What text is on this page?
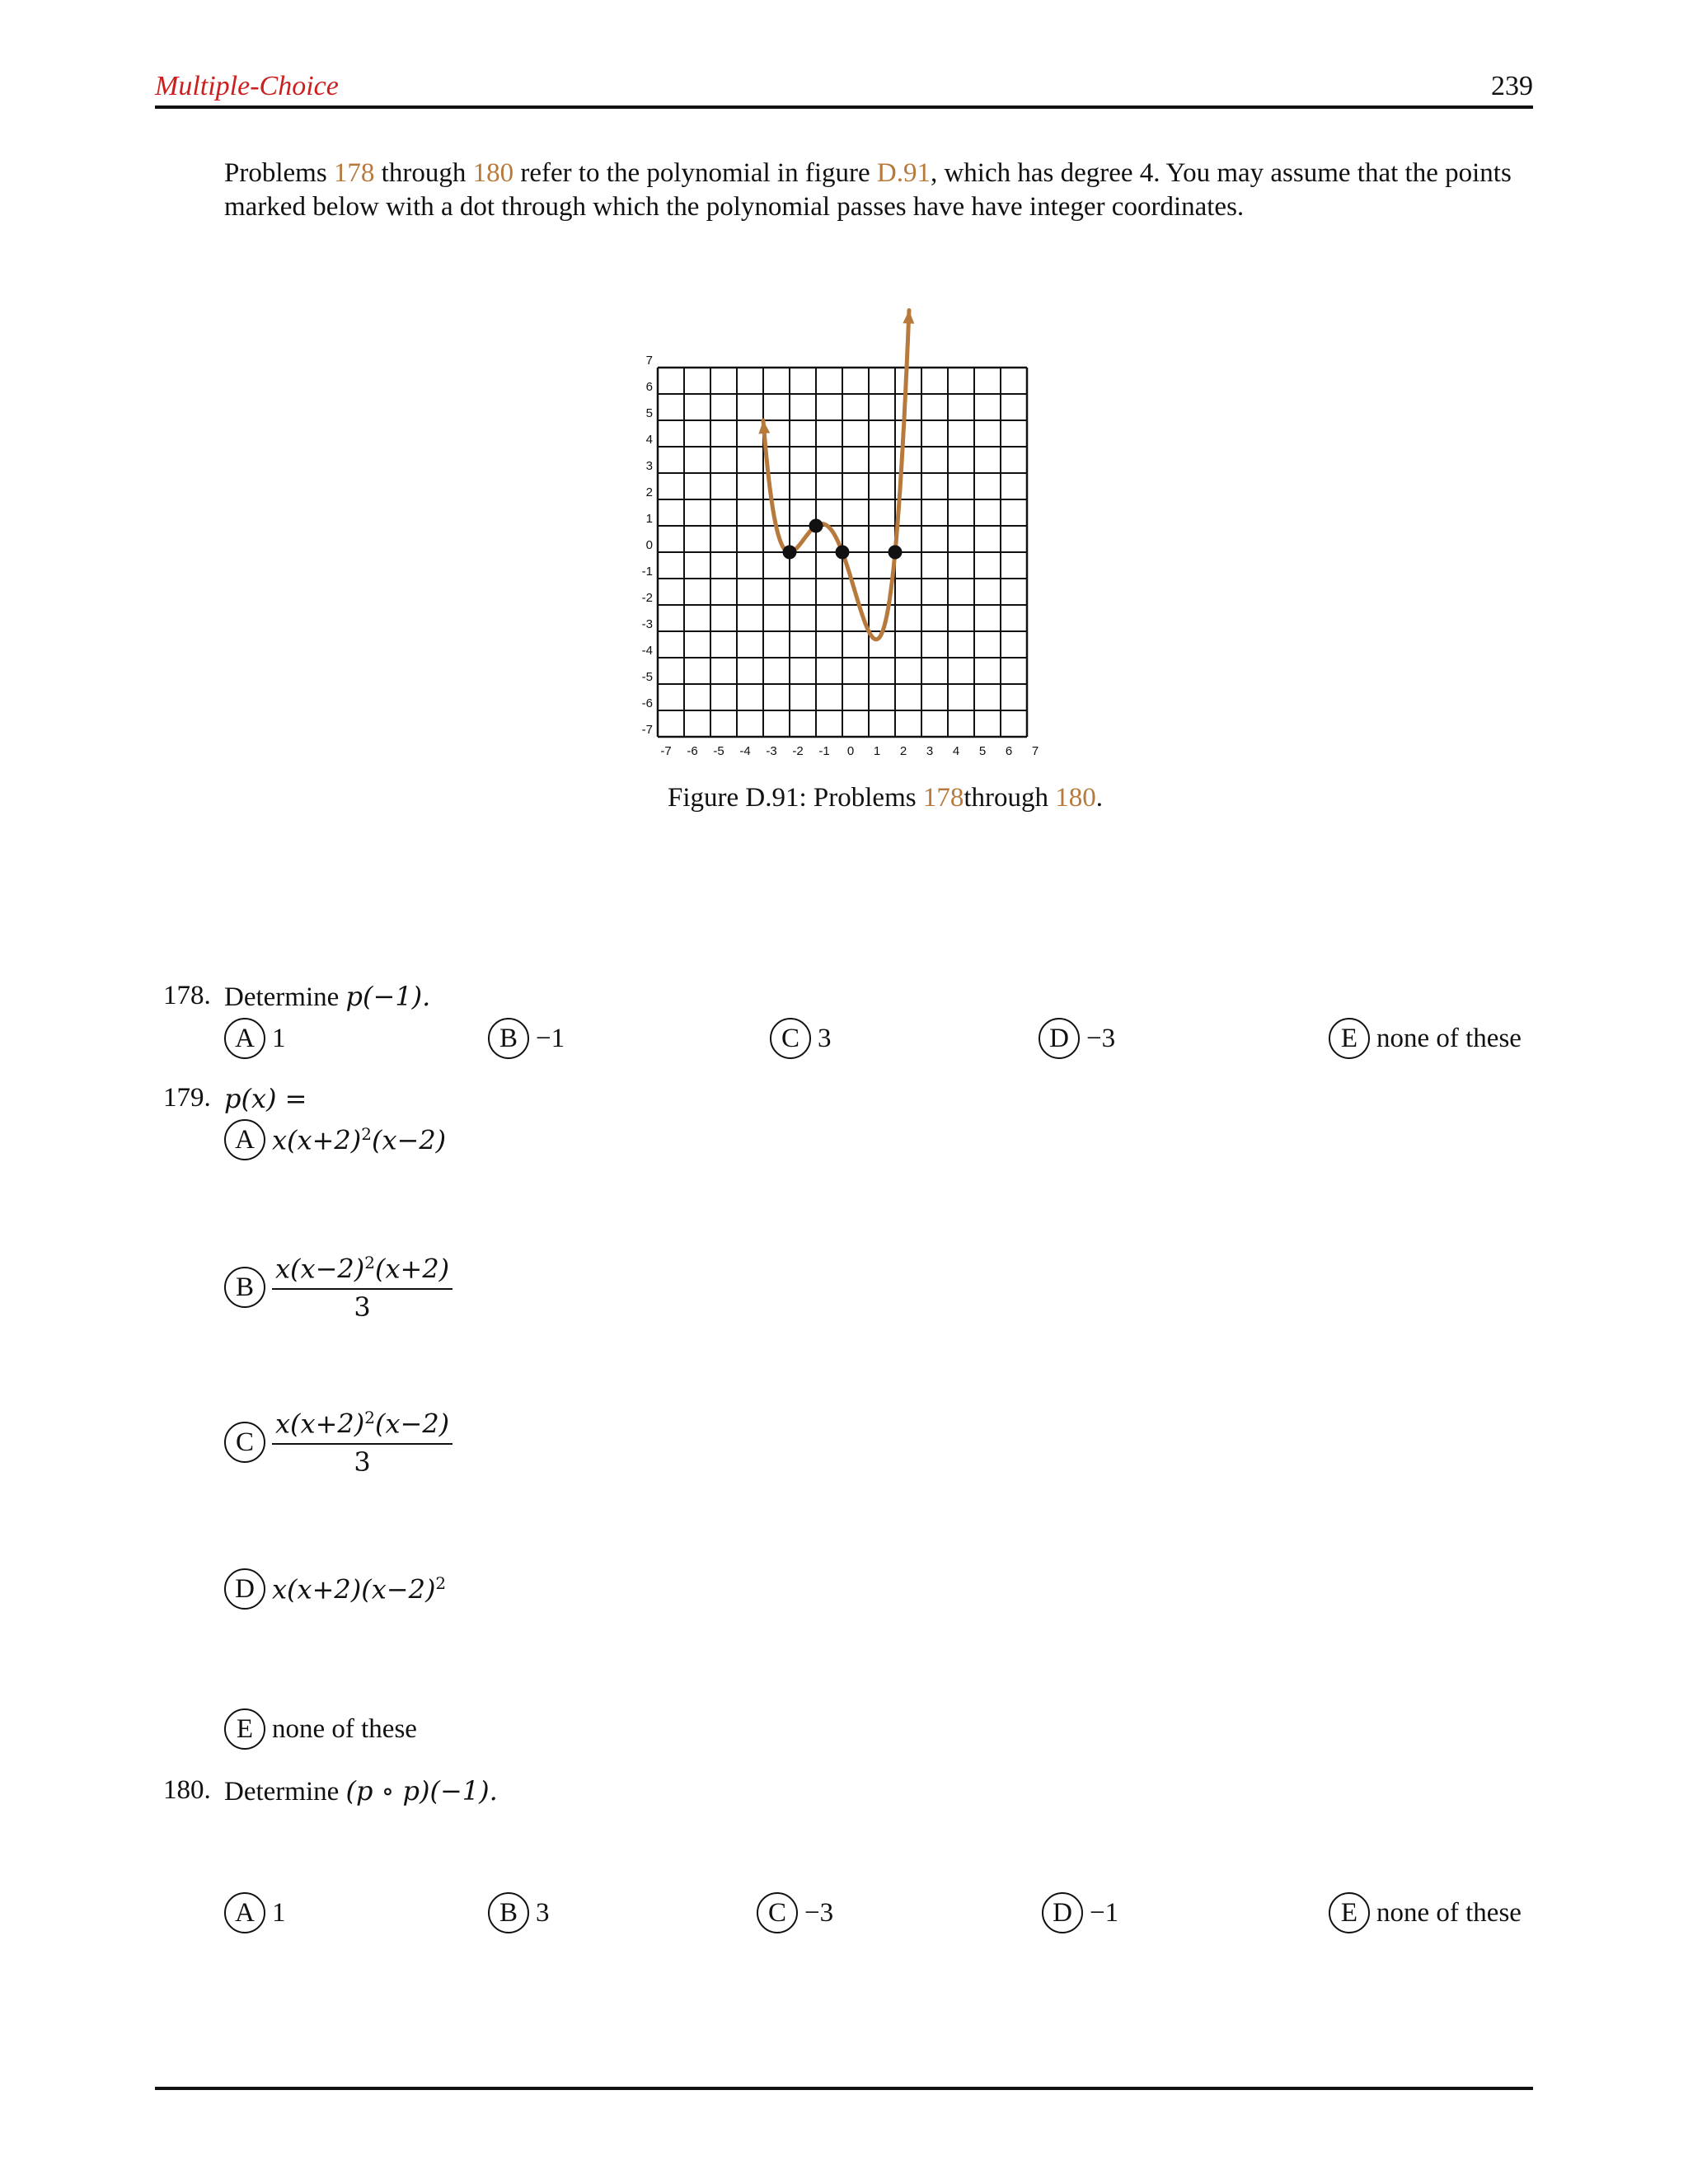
Multiple-Choice	239
Problems 178 through 180 refer to the polynomial in figure D.91, which has degree 4. You may assume that the points marked below with a dot through which the polynomial passes have have integer coordinates.
7
6
5
4
3
2
1
0
-1
-2
-3
-4
-5
-6
-7
-7 -6 -5 -4 -3 -2 -1 0 1 2 3 4 5 6 7
Figure D.91: Problems 178through 180.
178. Determine p(−1).
A 1	B −1	C 3	D −3	E none of these
179. p(x) =
A $x(x+2)^2(x-2)$
B $\frac{x(x-2)^2(x+2)}{3}$
C $\frac{x(x+2)^2(x-2)}{3}$
D $x(x+2)(x-2)^2$
E none of these
180. Determine (p ∘ p)(−1).
A 1	B 3	C −3	D −1	E none of these
